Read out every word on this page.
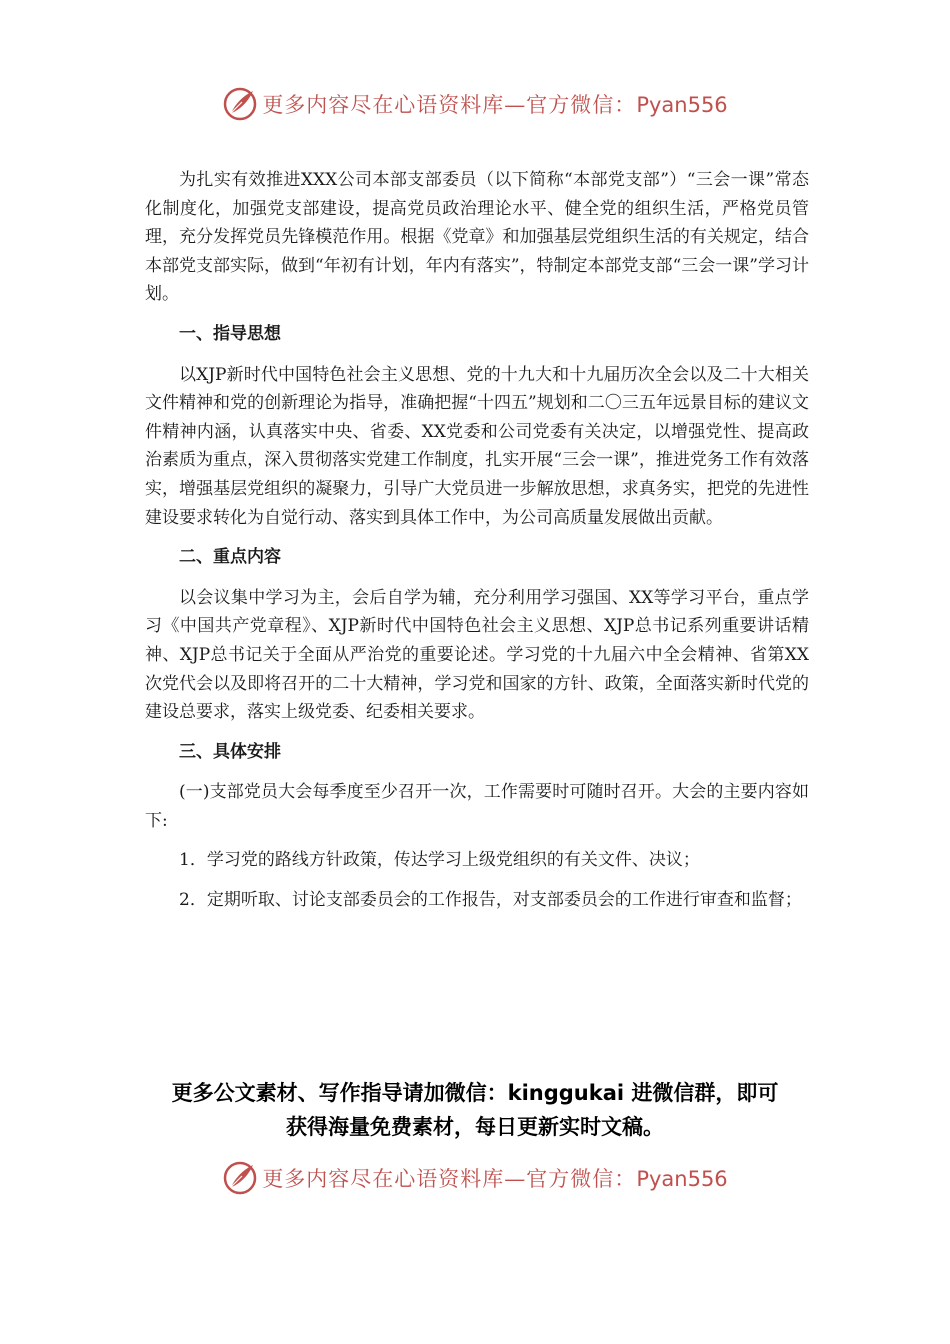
更多内容尽在心语资料库—官方微信：Pyan556

为扎实有效推进XXX公司本部支部委员（以下简称“本部党支部”）“三会一课”常态化制度化，加强党支部建设，提高党员政治理论水平、健全党的组织生活，严格党员管理，充分发挥党员先锋模范作用。根据《党章》和加强基层党组织生活的有关规定，结合本部党支部实际，做到“年初有计划，年内有落实”，特制定本部党支部“三会一课”学习计划。

一、指导思想

以XJP新时代中国特色社会主义思想、党的十九大和十九届历次全会以及二十大相关文件精神和党的创新理论为指导，准确把握“十四五”规划和二〇三五年远景目标的建议文件精神内涵，认真落实中央、省委、XX党委和公司党委有关决定，以增强党性、提高政治素质为重点，深入贯彻落实党建工作制度，扎实开展“三会一课”，推进党务工作有效落实，增强基层党组织的凝聚力，引导广大党员进一步解放思想，求真务实，把党的先进性建设要求转化为自觉行动、落实到具体工作中，为公司高质量发展做出贡献。

二、重点内容

以会议集中学习为主，会后自学为辅，充分利用学习强国、XX等学习平台，重点学习《中国共产党章程》、XJP新时代中国特色社会主义思想、XJP总书记系列重要讲话精神、XJP总书记关于全面从严治党的重要论述。学习党的十九届六中全会精神、省第XX次党代会以及即将召开的二十大精神，学习党和国家的方针、政策，全面落实新时代党的建设总要求，落实上级党委、纪委相关要求。

三、具体安排

(一)支部党员大会每季度至少召开一次，工作需要时可随时召开。大会的主要内容如下:

1．学习党的路线方针政策，传达学习上级党组织的有关文件、决议；

2．定期听取、讨论支部委员会的工作报告，对支部委员会的工作进行审查和监督；

更多公文素材、写作指导请加微信：kinggukai 进微信群，即可

获得海量免费素材，每日更新实时文稿。

更多内容尽在心语资料库—官方微信：Pyan556
